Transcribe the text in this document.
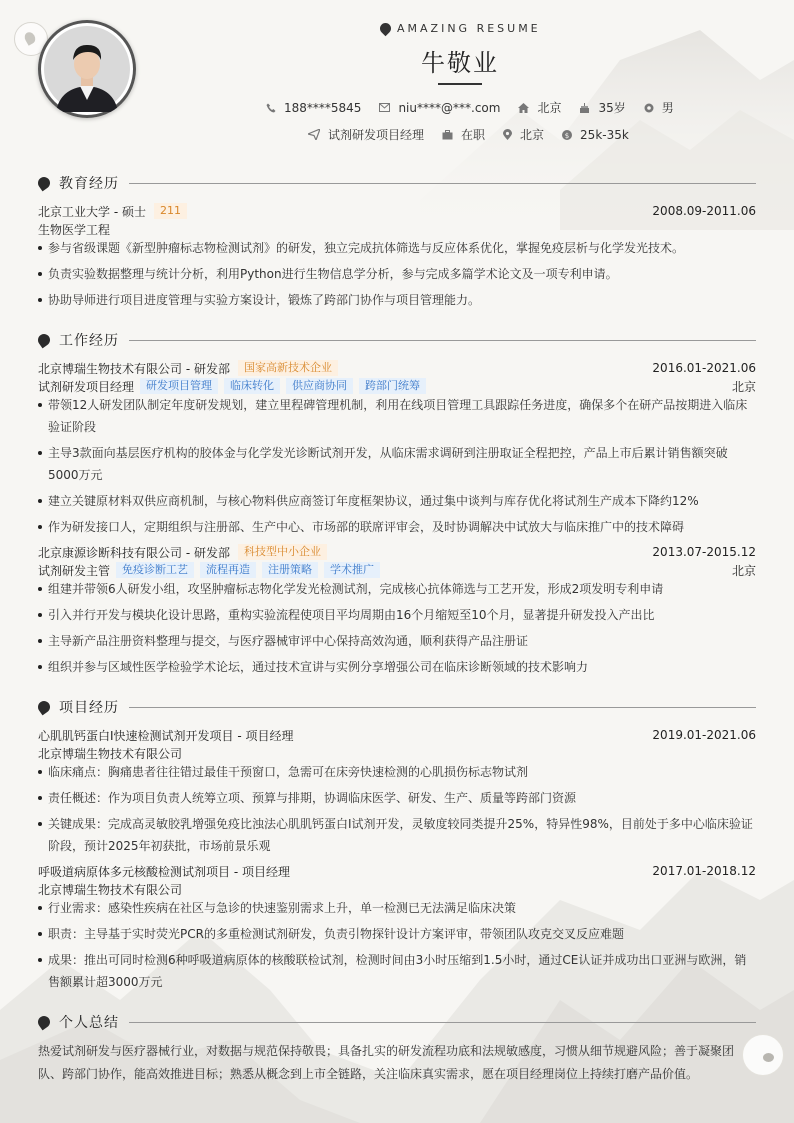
AMAZING RESUME
牛敬业
188****5845	niu****@***.com	北京	35岁	男
试剂研发项目经理	在职	北京	$ 25k-35k
教育经历
北京工业大学 - 硕士	211	2008.09-2011.06
生物医学工程
参与省级课题《新型肿瘤标志物检测试剂》的研发，独立完成抗体筛选与反应体系优化，掌握免疫层析与化学发光技术。
负责实验数据整理与统计分析，利用Python进行生物信息学分析，参与完成多篇学术论文及一项专利申请。
协助导师进行项目进度管理与实验方案设计，锻炼了跨部门协作与项目管理能力。
工作经历
北京博瑞生物技术有限公司 - 研发部	国家高新技术企业	2016.01-2021.06
试剂研发项目经理	研发项目管理	临床转化	供应商协同	跨部门统筹	北京
带领12人研发团队制定年度研发规划，建立里程碑管理机制，利用在线项目管理工具跟踪任务进度，确保多个在研产品按期进入临床验证阶段
主导3款面向基层医疗机构的胶体金与化学发光诊断试剂开发，从临床需求调研到注册取证全程把控，产品上市后累计销售额突破5000万元
建立关键原材料双供应商机制，与核心物料供应商签订年度框架协议，通过集中谈判与库存优化将试剂生产成本下降约12%
作为研发接口人，定期组织与注册部、生产中心、市场部的联席评审会，及时协调解决中试放大与临床推广中的技术障碍
北京康源诊断科技有限公司 - 研发部	科技型中小企业	2013.07-2015.12
试剂研发主管	免疫诊断工艺	流程再造	注册策略	学术推广	北京
组建并带领6人研发小组，攻坚肿瘤标志物化学发光检测试剂，完成核心抗体筛选与工艺开发，形成2项发明专利申请
引入并行开发与模块化设计思路，重构实验流程使项目平均周期由16个月缩短至10个月，显著提升研发投入产出比
主导新产品注册资料整理与提交，与医疗器械审评中心保持高效沟通，顺利获得产品注册证
组织并参与区域性医学检验学术论坛，通过技术宣讲与实例分享增强公司在临床诊断领域的技术影响力
项目经历
心肌肌钙蛋白I快速检测试剂开发项目 - 项目经理	2019.01-2021.06
北京博瑞生物技术有限公司
临床痛点：胸痛患者往往错过最佳干预窗口，急需可在床旁快速检测的心肌损伤标志物试剂
责任概述：作为项目负责人统筹立项、预算与排期，协调临床医学、研发、生产、质量等跨部门资源
关键成果：完成高灵敏胶乳增强免疫比浊法心肌肌钙蛋白I试剂开发，灵敏度较同类提升25%，特异性98%，目前处于多中心临床验证阶段，预计2025年初获批，市场前景乐观
呼吸道病原体多元核酸检测试剂项目 - 项目经理	2017.01-2018.12
北京博瑞生物技术有限公司
行业需求：感染性疾病在社区与急诊的快速鉴别需求上升，单一检测已无法满足临床决策
职责：主导基于实时荧光PCR的多重检测试剂研发，负责引物探针设计方案评审，带领团队攻克交叉反应难题
成果：推出可同时检测6种呼吸道病原体的核酸联检试剂，检测时间由3小时压缩到1.5小时，通过CE认证并成功出口亚洲与欧洲，销售额累计超3000万元
个人总结

热爱试剂研发与医疗器械行业，对数据与规范保持敬畏；具备扎实的研发流程功底和法规敏感度，习惯从细节规避风险；善于凝聚团队、跨部门协作，能高效推进目标；熟悉从概念到上市全链路，关注临床真实需求，愿在项目经理岗位上持续打磨产品价值。
